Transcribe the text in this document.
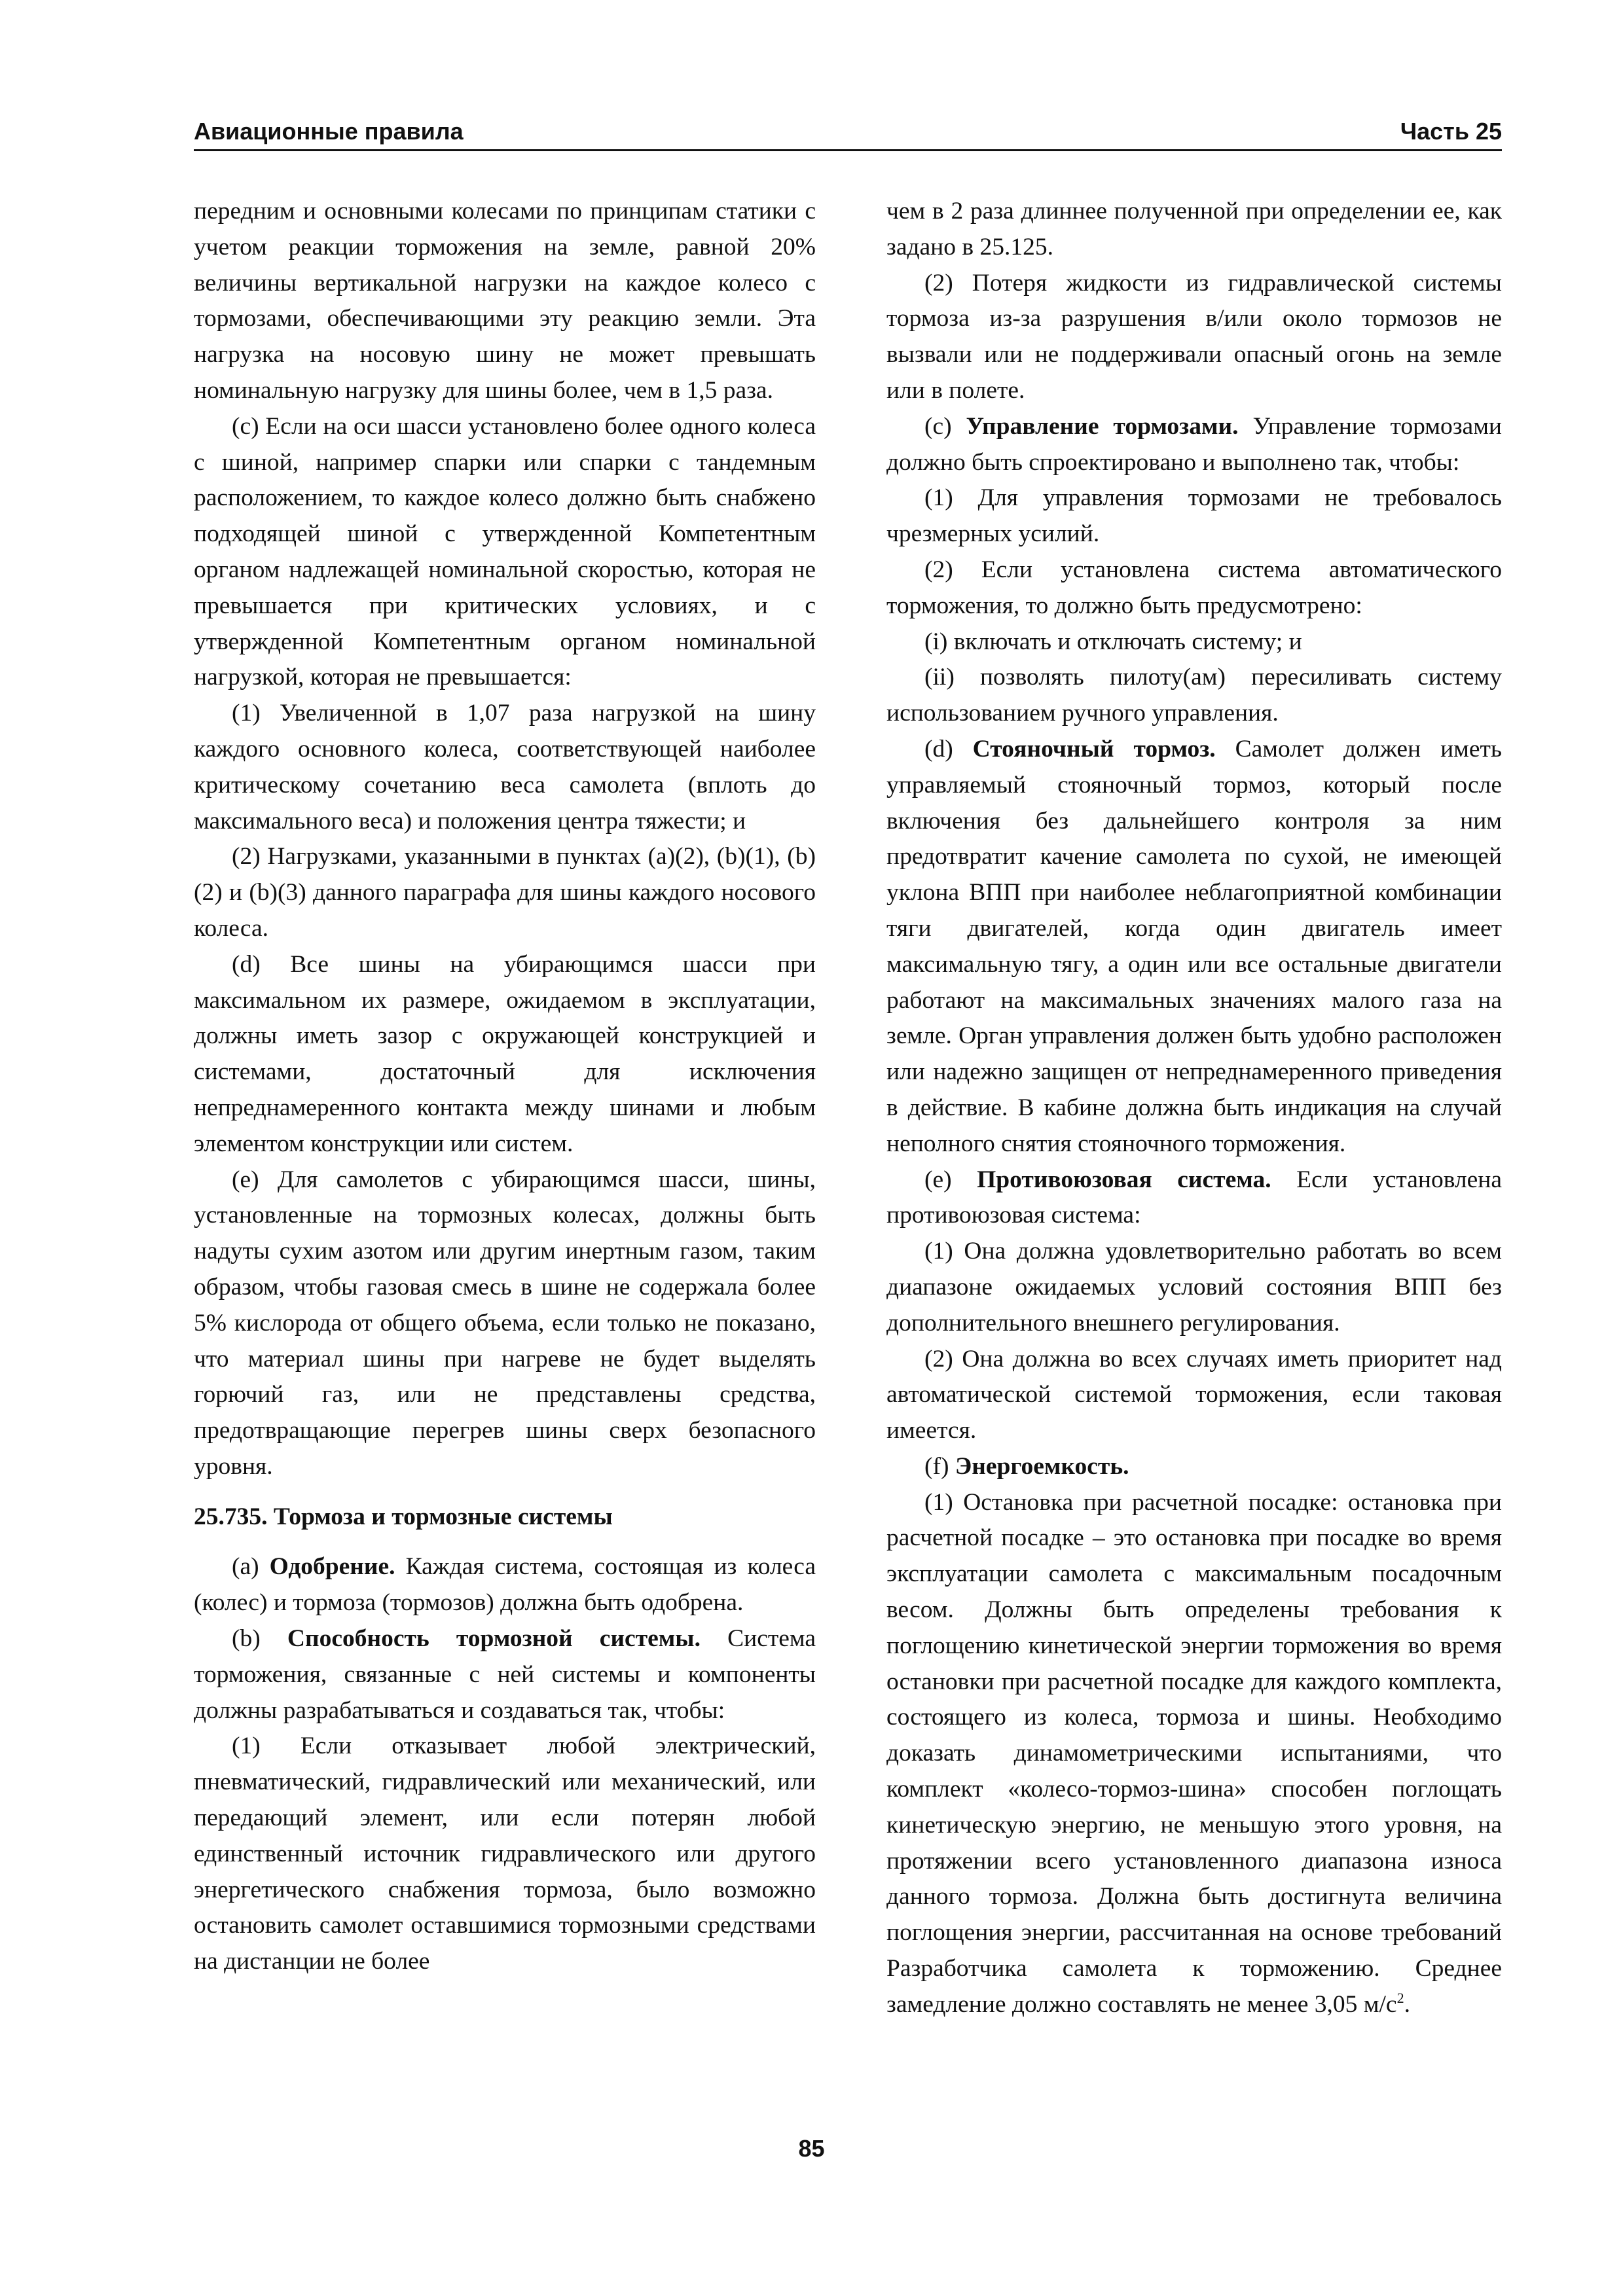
Авиационные правила	Часть 25

передним и основными колесами по принципам статики с учетом реакции торможения на земле, равной 20% величины вертикальной нагрузки на каждое колесо с тормозами, обеспечивающими эту реакцию земли. Эта нагрузка на носовую шину не может превышать номинальную нагрузку для шины более, чем в 1,5 раза.

(с) Если на оси шасси установлено более одного колеса с шиной, например спарки или спарки с тандемным расположением, то каждое колесо должно быть снабжено подходящей шиной с утвержденной Компетентным органом надлежащей номинальной скоростью, которая не превышается при критических условиях, и с утвержденной Компетентным органом номинальной нагрузкой, которая не превышается:

(1) Увеличенной в 1,07 раза нагрузкой на шину каждого основного колеса, соответствующей наиболее критическому сочетанию веса самолета (вплоть до максимального веса) и положения центра тяжести; и

(2) Нагрузками, указанными в пунктах (а)(2), (b)(1), (b)(2) и (b)(3) данного параграфа для шины каждого носового колеса.

(d) Все шины на убирающимся шасси при максимальном их размере, ожидаемом в эксплуатации, должны иметь зазор с окружающей конструкцией и системами, достаточный для исключения непреднамеренного контакта между шинами и любым элементом конструкции или систем.

(е) Для самолетов с убирающимся шасси, шины, установленные на тормозных колесах, должны быть надуты сухим азотом или другим инертным газом, таким образом, чтобы газовая смесь в шине не содержала более 5% кислорода от общего объема, если только не показано, что материал шины при нагреве не будет выделять горючий газ, или не представлены средства, предотвращающие перегрев шины сверх безопасного уровня.

25.735. Тормоза и тормозные системы

(а) Одобрение. Каждая система, состоящая из колеса (колес) и тормоза (тормозов) должна быть одобрена.

(b) Способность тормозной системы. Система торможения, связанные с ней системы и компоненты должны разрабатываться и создаваться так, чтобы:

(1) Если отказывает любой электрический, пневматический, гидравлический или механический, или передающий элемент, или если потерян любой единственный источник гидравлического или другого энергетического снабжения тормоза, было возможно остановить самолет оставшимися тормозными средствами на дистанции не более

чем в 2 раза длиннее полученной при определении ее, как задано в 25.125.

(2) Потеря жидкости из гидравлической системы тормоза из-за разрушения в/или около тормозов не вызвали или не поддерживали опасный огонь на земле или в полете.

(с) Управление тормозами. Управление тормозами должно быть спроектировано и выполнено так, чтобы:

(1) Для управления тормозами не требовалось чрезмерных усилий.

(2) Если установлена система автоматического торможения, то должно быть предусмотрено:

(i) включать и отключать систему; и

(ii) позволять пилоту(ам) пересиливать систему использованием ручного управления.

(d) Стояночный тормоз. Самолет должен иметь управляемый стояночный тормоз, который после включения без дальнейшего контроля за ним предотвратит качение самолета по сухой, не имеющей уклона ВПП при наиболее неблагоприятной комбинации тяги двигателей, когда один двигатель имеет максимальную тягу, а один или все остальные двигатели работают на максимальных значениях малого газа на земле. Орган управления должен быть удобно расположен или надежно защищен от непреднамеренного приведения в действие. В кабине должна быть индикация на случай неполного снятия стояночного торможения.

(е) Противоюзовая система. Если установлена противоюзовая система:

(1) Она должна удовлетворительно работать во всем диапазоне ожидаемых условий состояния ВПП без дополнительного внешнего регулирования.

(2) Она должна во всех случаях иметь приоритет над автоматической системой торможения, если таковая имеется.

(f) Энергоемкость.

(1) Остановка при расчетной посадке: остановка при расчетной посадке – это остановка при посадке во время эксплуатации самолета с максимальным посадочным весом. Должны быть определены требования к поглощению кинетической энергии торможения во время остановки при расчетной посадке для каждого комплекта, состоящего из колеса, тормоза и шины. Необходимо доказать динамометрическими испытаниями, что комплект «колесо-тормоз-шина» способен поглощать кинетическую энергию, не меньшую этого уровня, на протяжении всего установленного диапазона износа данного тормоза. Должна быть достигнута величина поглощения энергии, рассчитанная на основе требований Разработчика самолета к торможению. Среднее замедление должно составлять не менее 3,05 $м/с^2$.

85
